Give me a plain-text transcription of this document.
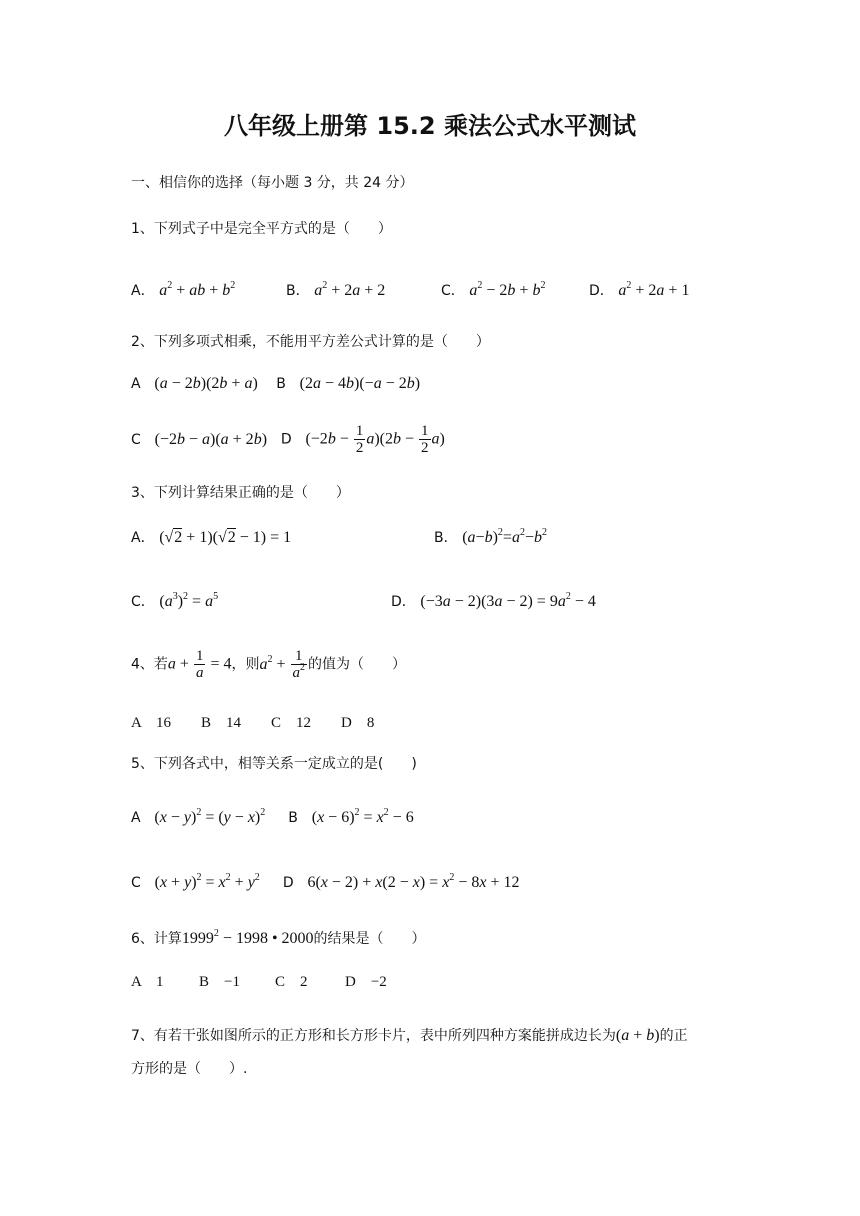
八年级上册第 15.2 乘法公式水平测试
一、相信你的选择（每小题 3 分，共 24 分）
1、下列式子中是完全平方式的是（　　）
A． $a^2$ + ab + $b^2$	B． $a^2 + 2a + 2$	C． $a^2 - 2b + b^2$	D． $a^2 + 2a + 1$
2、下列多项式相乘，不能用平方差公式计算的是（　　）
A (a − 2b)(2b + a) B (2a − 4b)(−a − 2b)
C (−2b − a)(a + 2b) D $(-2b - \frac{1}{2} a)(2b - \frac{1}{2} a)$
3、下列计算结果正确的是（　　）
A． (√2 + 1)(√2 − 1) = 1	B． $(a-b)^2=a^2-b^2$
C． $(a^3)^2 = a^5$	D． $(-3a - 2)(3a - 2) = 9a^2 - 4$
4、若$a + \frac{1}{a} = 4$，则$a^2 + \frac{1}{a^2}$ 的值为（　　）
A　16 B　14 C　12 D　8
5、下列各式中，相等关系一定成立的是(　　)
A $(x - y)^2 = (y - x)^2$ B $(x - 6)^2 = x^2 - 6$
C $(x + y)^2 = x^2 + y^2$ D $6(x - 2) + x(2 - x) = x^2 - 8x + 12$
6、计算$1999^2 - 1998$ • 2000的结果是（　　）
A　1 B　−1 C　2 D　−2
7、有若干张如图所示的正方形和长方形卡片，表中所列四种方案能拼成边长为(a + b)的正
方形的是（　　）.
